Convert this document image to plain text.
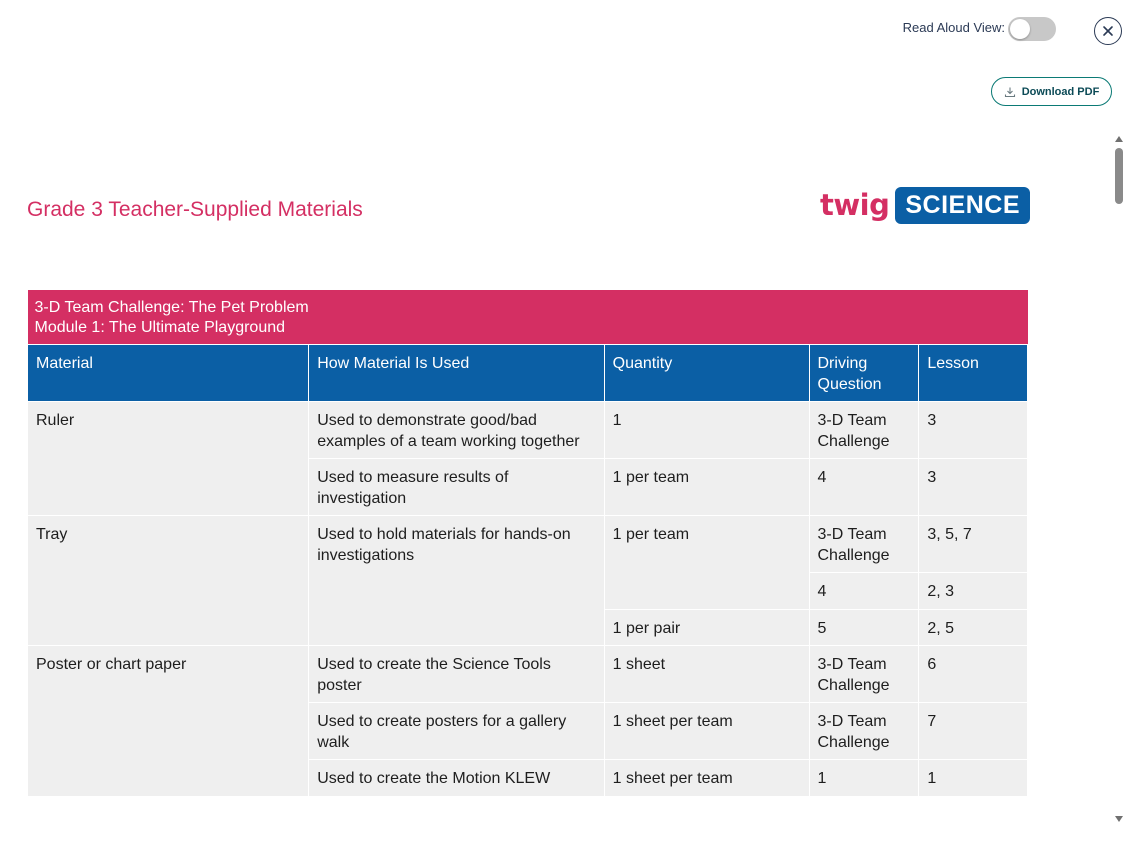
Read Aloud View:
Download PDF
Grade 3 Teacher-Supplied Materials	twig SCIENCE
3-D Team Challenge: The Pet Problem
Module 1: The Ultimate Playground				

Material	How Material Is Used	Quantity	Driving Question	Lesson
Ruler	Used to demonstrate good/bad examples of a team working together	1	3-D Team Challenge	3
	Used to measure results of investigation	1 per team	4	3
Tray	Used to hold materials for hands-on investigations	1 per team	3-D Team Challenge	3, 5, 7
			4	2, 3
		1 per pair	5	2, 5
Poster or chart paper	Used to create the Science Tools poster	1 sheet	3-D Team Challenge	6
	Used to create posters for a gallery walk	1 sheet per team	3-D Team Challenge	7
	Used to create the Motion KLEW	1 sheet per team	1	1
